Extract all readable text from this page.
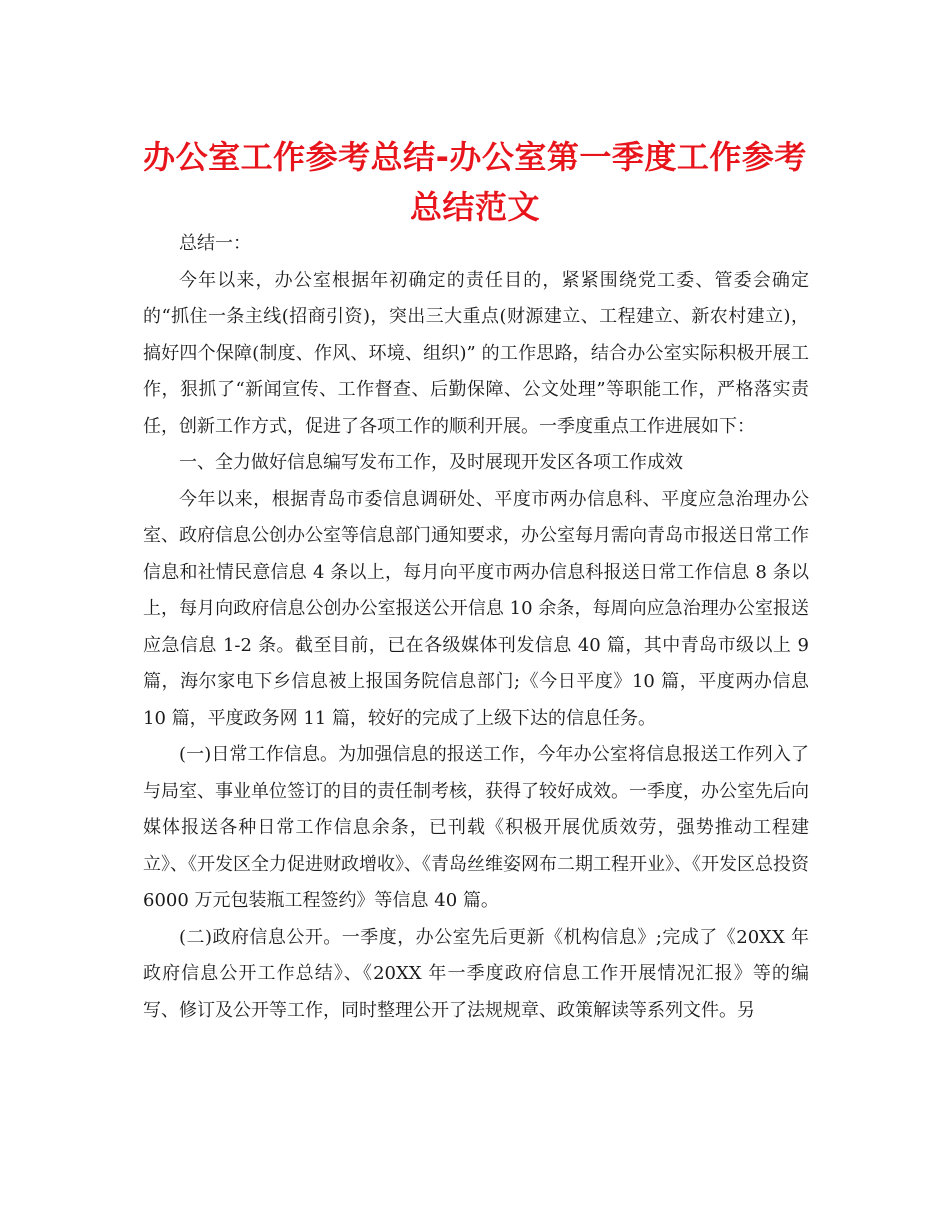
办公室工作参考总结-办公室第一季度工作参考总结范文

总结一：

今年以来，办公室根据年初确定的责任目的，紧紧围绕党工委、管委会确定的“抓住一条主线(招商引资)，突出三大重点(财源建立、工程建立、新农村建立)，搞好四个保障(制度、作风、环境、组织)” 的工作思路，结合办公室实际积极开展工作，狠抓了“新闻宣传、工作督查、后勤保障、公文处理”等职能工作，严格落实责任，创新工作方式，促进了各项工作的顺利开展。一季度重点工作进展如下：

一、全力做好信息编写发布工作，及时展现开发区各项工作成效

今年以来，根据青岛市委信息调研处、平度市两办信息科、平度应急治理办公室、政府信息公创办公室等信息部门通知要求，办公室每月需向青岛市报送日常工作信息和社情民意信息 4 条以上，每月向平度市两办信息科报送日常工作信息 8 条以上，每月向政府信息公创办公室报送公开信息 10 余条，每周向应急治理办公室报送应急信息 1-2 条。截至目前，已在各级媒体刊发信息 40 篇，其中青岛市级以上 9 篇，海尔家电下乡信息被上报国务院信息部门;《今日平度》10 篇，平度两办信息 10 篇，平度政务网 11 篇，较好的完成了上级下达的信息任务。

(一)日常工作信息。为加强信息的报送工作，今年办公室将信息报送工作列入了与局室、事业单位签订的目的责任制考核，获得了较好成效。一季度，办公室先后向媒体报送各种日常工作信息余条，已刊载《积极开展优质效劳，强势推动工程建立》、《开发区全力促进财政增收》、《青岛丝维姿网布二期工程开业》、《开发区总投资 6000 万元包装瓶工程签约》等信息 40 篇。

(二)政府信息公开。一季度，办公室先后更新《机构信息》;完成了《20XX 年政府信息公开工作总结》、《20XX 年一季度政府信息工作开展情况汇报》等的编写、修订及公开等工作，同时整理公开了法规规章、政策解读等系列文件。另
